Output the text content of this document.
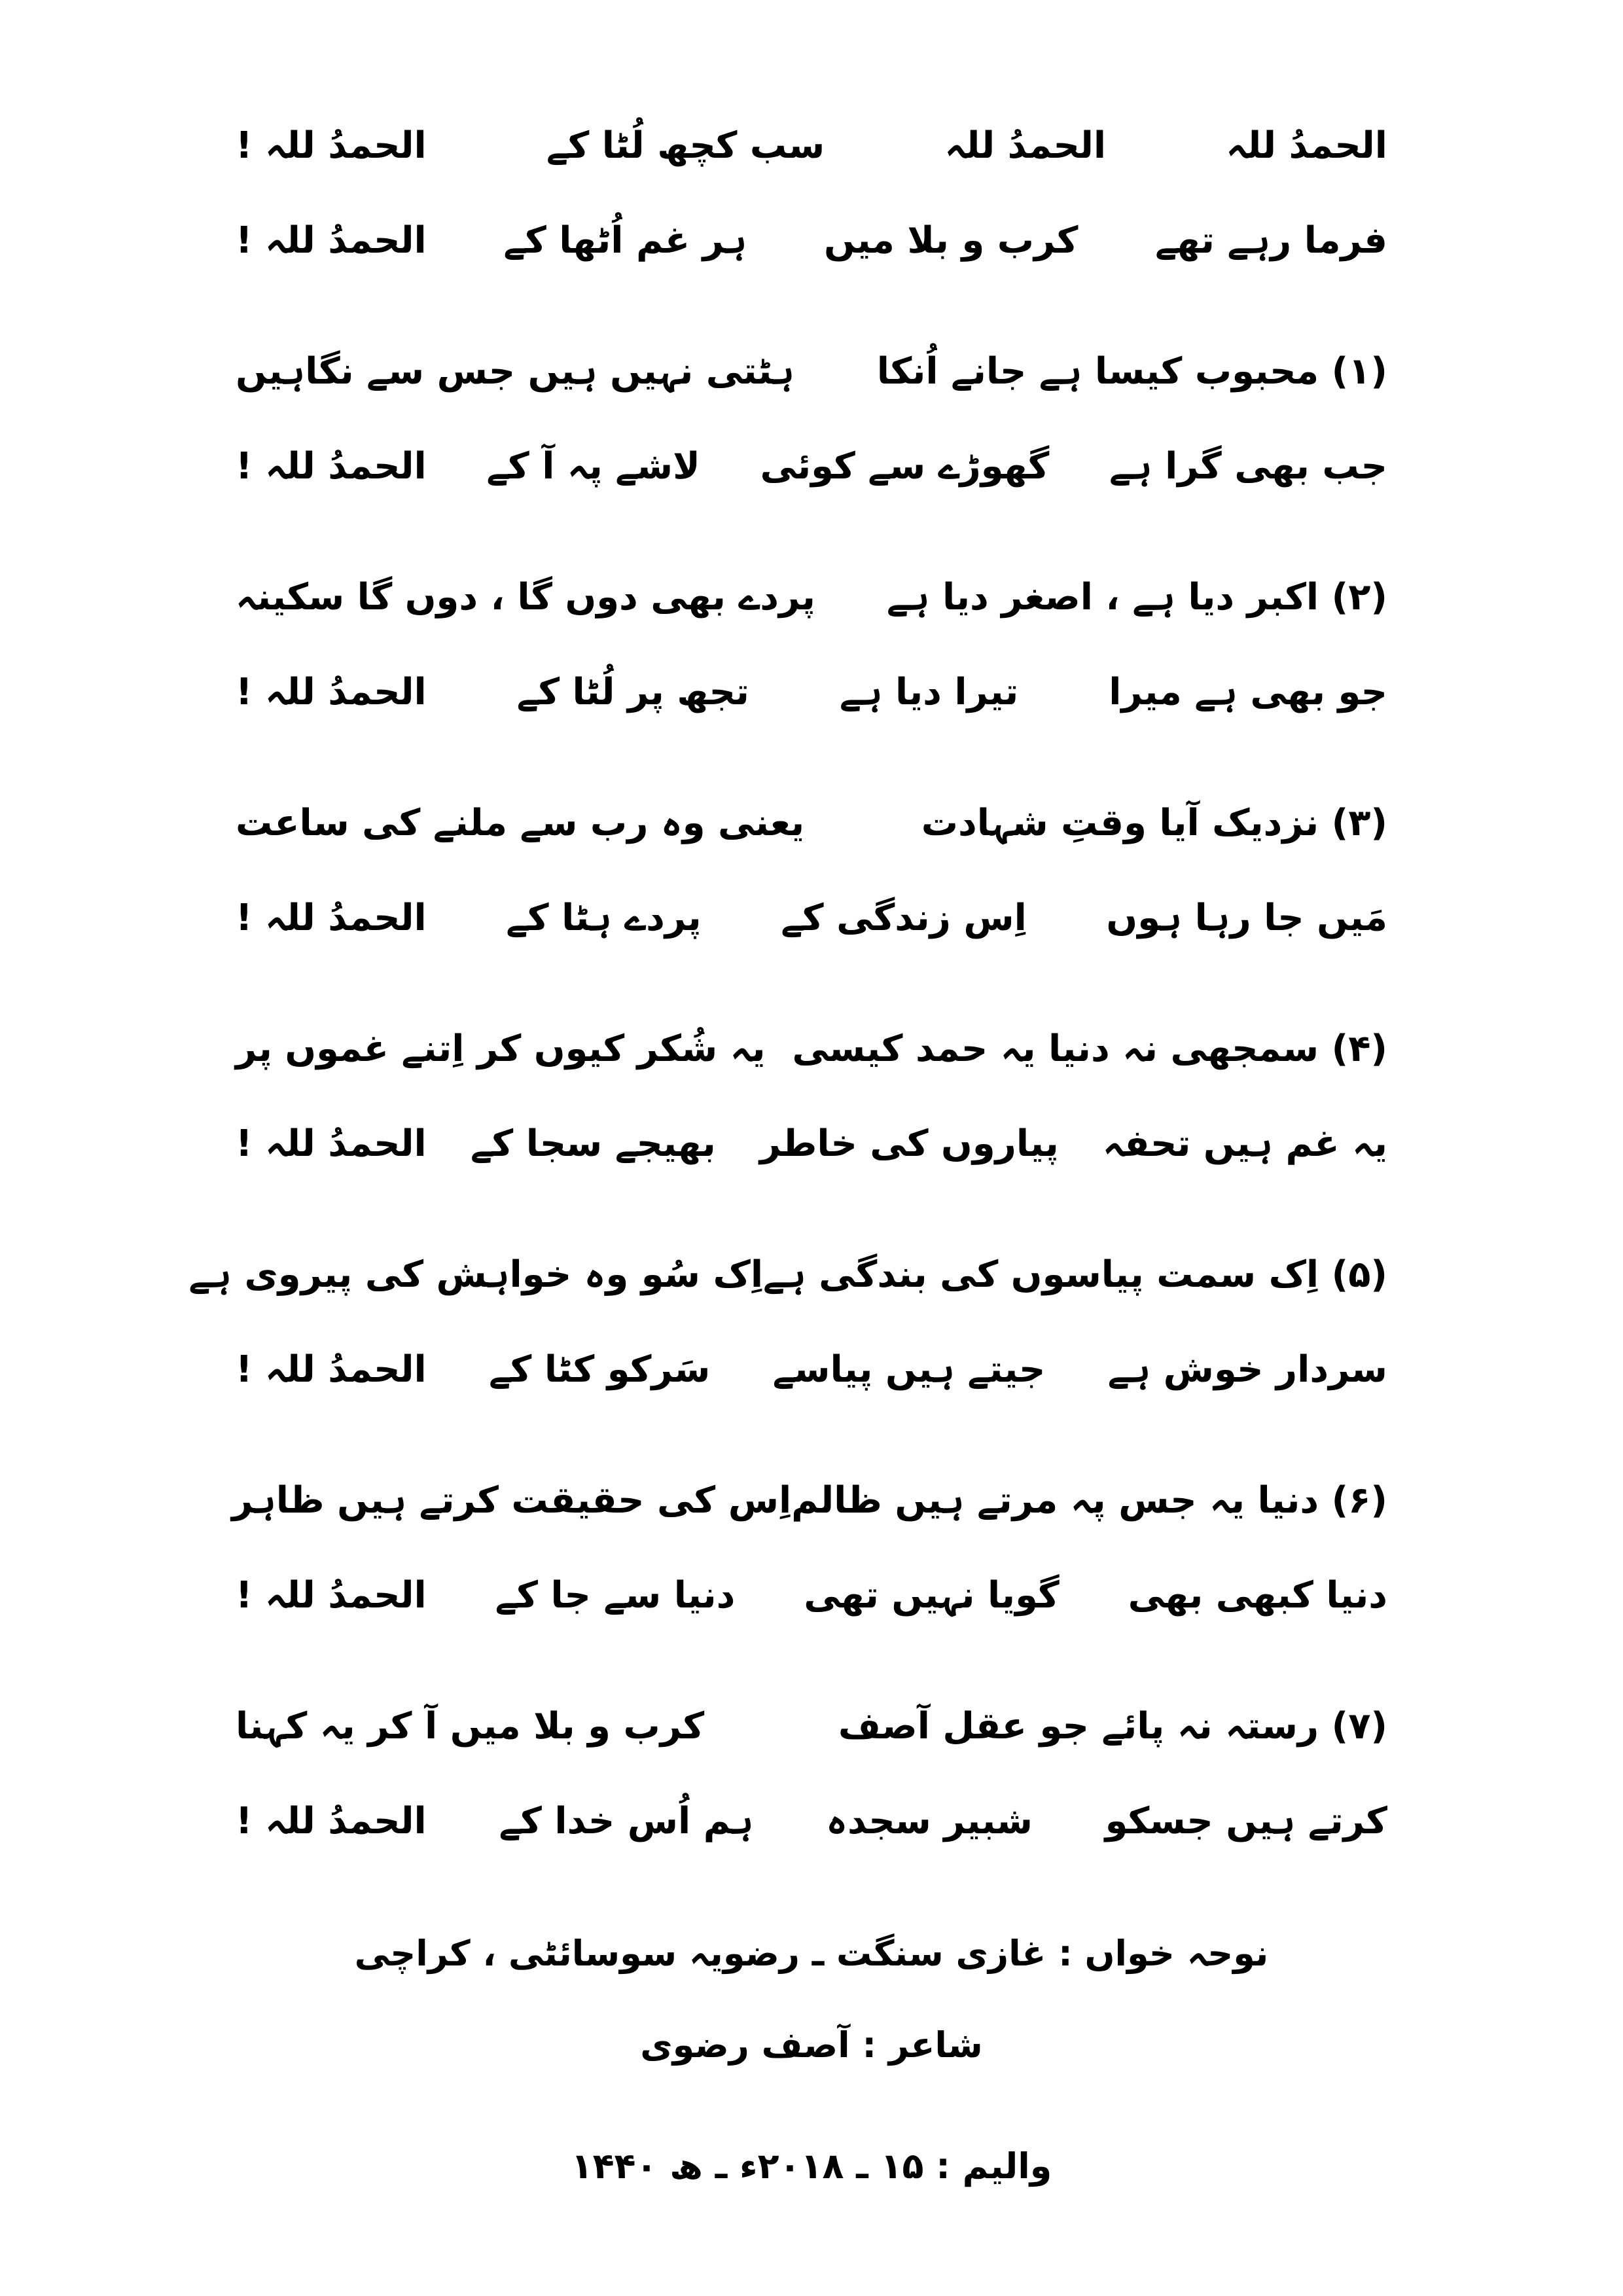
الحمدُ للہ
الحمدُ للہ
سب کچھ لُٹا کے
الحمدُ للہ !
فرما رہے تھے
کرب و بلا میں
ہر غم اُٹھا کے
الحمدُ للہ !
(۱) محبوب کیسا ہے جانے اُنکا
ہٹتی نہیں ہیں جس سے نگاہیں
جب بھی گرا ہے
گھوڑے سے کوئی
لاشے پہ آ کے
الحمدُ للہ !
(۲) اکبر دیا ہے ، اصغر دیا ہے
پردے بھی دوں گا ، دوں گا سکینہ
جو بھی ہے میرا
تیرا دیا ہے
تجھ پر لُٹا کے
الحمدُ للہ !
(۳) نزدیک آیا وقتِ شہادت
یعنی وہ رب سے ملنے کی ساعت
مَیں جا رہا ہوں
اِس زندگی کے
پردے ہٹا کے
الحمدُ للہ !
(۴) سمجھی نہ دنیا یہ حمد کیسی
یہ شُکر کیوں کر اِتنے غموں پر
یہ غم ہیں تحفہ
پیاروں کی خاطر
بھیجے سجا کے
الحمدُ للہ !
(۵) اِک سمت پیاسوں کی بندگی ہے
اِک سُو وہ خواہش کی پیروی ہے
سردار خوش ہے
جیتے ہیں پیاسے
سَرکو کٹا کے
الحمدُ للہ !
(۶) دنیا یہ جس پہ مرتے ہیں ظالم
اِس کی حقیقت کرتے ہیں ظاہر
دنیا کبھی بھی
گویا نہیں تھی
دنیا سے جا کے
الحمدُ للہ !
(۷) رستہ نہ پائے جو عقل آصف
کرب و بلا میں آ کر یہ کہنا
کرتے ہیں جسکو
شبیر سجدہ
ہم اُس خدا کے
الحمدُ للہ !
نوحہ خواں : غازی سنگت ـ رضویہ سوسائٹی ، کراچی
شاعر : آصف رضوی
والیم : ۱۵ ـ ۲۰۱۸ء ـ ھ ۱۴۴۰
